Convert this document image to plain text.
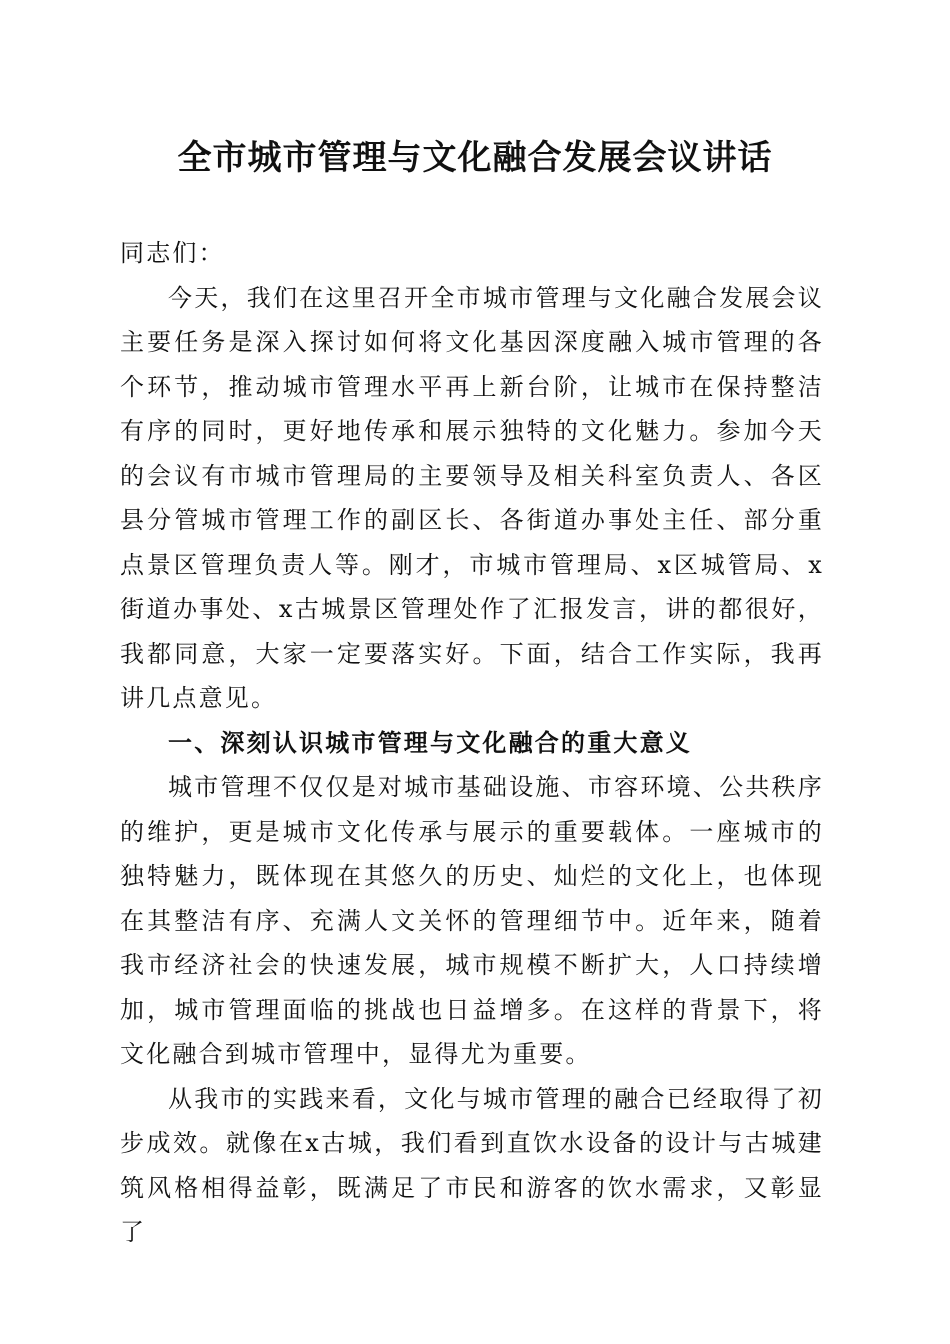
全市城市管理与文化融合发展会议讲话

同志们：

今天，我们在这里召开全市城市管理与文化融合发展会议主要任务是深入探讨如何将文化基因深度融入城市管理的各个环节，推动城市管理水平再上新台阶，让城市在保持整洁有序的同时，更好地传承和展示独特的文化魅力。参加今天的会议有市城市管理局的主要领导及相关科室负责人、各区县分管城市管理工作的副区长、各街道办事处主任、部分重点景区管理负责人等。刚才，市城市管理局、x区城管局、x街道办事处、x古城景区管理处作了汇报发言，讲的都很好，我都同意，大家一定要落实好。下面，结合工作实际，我再讲几点意见。

一、深刻认识城市管理与文化融合的重大意义

城市管理不仅仅是对城市基础设施、市容环境、公共秩序的维护，更是城市文化传承与展示的重要载体。一座城市的独特魅力，既体现在其悠久的历史、灿烂的文化上，也体现在其整洁有序、充满人文关怀的管理细节中。近年来，随着我市经济社会的快速发展，城市规模不断扩大，人口持续增加，城市管理面临的挑战也日益增多。在这样的背景下，将文化融合到城市管理中，显得尤为重要。

从我市的实践来看，文化与城市管理的融合已经取得了初步成效。就像在x古城，我们看到直饮水设备的设计与古城建筑风格相得益彰，既满足了市民和游客的饮水需求，又彰显了
